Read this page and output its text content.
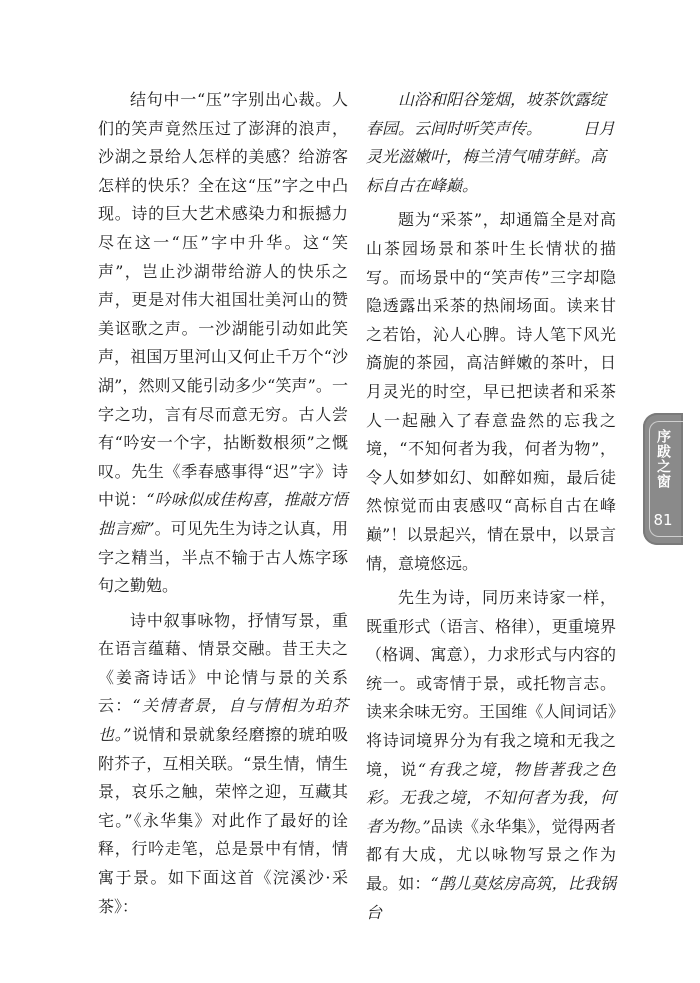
结句中一“压”字别出心裁。人们的笑声竟然压过了澎湃的浪声，沙湖之景给人怎样的美感？给游客怎样的快乐？全在这“压”字之中凸现。诗的巨大艺术感染力和振撼力尽在这一“压”字中升华。这“笑声”，岂止沙湖带给游人的快乐之声，更是对伟大祖国壮美河山的赞美讴歌之声。一沙湖能引动如此笑声，祖国万里河山又何止千万个“沙湖”，然则又能引动多少“笑声”。一字之功，言有尽而意无穷。古人尝有“吟安一个字，拈断数根须”之慨叹。先生《季春感事得“迟”字》诗中说：“吟咏似成佳构喜，推敲方悟拙言痴”。可见先生为诗之认真，用字之精当，半点不输于古人炼字琢句之勤勉。

诗中叙事咏物，抒情写景，重在语言蕴藉、情景交融。昔王夫之《姜斋诗话》中论情与景的关系云：“关情者景，自与情相为珀芥也。”说情和景就象经磨擦的琥珀吸附芥子，互相关联。“景生情，情生景，哀乐之触，荣悴之迎，互藏其宅。”《永华集》对此作了最好的诠释，行吟走笔，总是景中有情，情寓于景。如下面这首《浣溪沙·采茶》：

山浴和阳谷笼烟，坡茶饮露绽

春园。云间时听笑声传。        日月

灵光滋嫩叶，梅兰清气哺芽鲜。高

标自古在峰巅。

题为“采茶”，却通篇全是对高山茶园场景和茶叶生长情状的描写。而场景中的“笑声传”三字却隐隐透露出采茶的热闹场面。读来甘之若饴，沁人心脾。诗人笔下风光旖旎的茶园，高洁鲜嫩的茶叶，日月灵光的时空，早已把读者和采茶人一起融入了春意盎然的忘我之境，“不知何者为我，何者为物”，令人如梦如幻、如醉如痴，最后徒然惊觉而由衷感叹“高标自古在峰巅”！以景起兴，情在景中，以景言情，意境悠远。

先生为诗，同历来诗家一样，既重形式（语言、格律），更重境界（格调、寓意），力求形式与内容的统一。或寄情于景，或托物言志。读来余味无穷。王国维《人间词话》将诗词境界分为有我之境和无我之境，说“有我之境，物皆著我之色彩。无我之境，不知何者为我，何者为物。”品读《永华集》，觉得两者都有大成，尤以咏物写景之作为最。如：“鹊儿莫炫房高筑，比我锅台

序跋之窗
81
